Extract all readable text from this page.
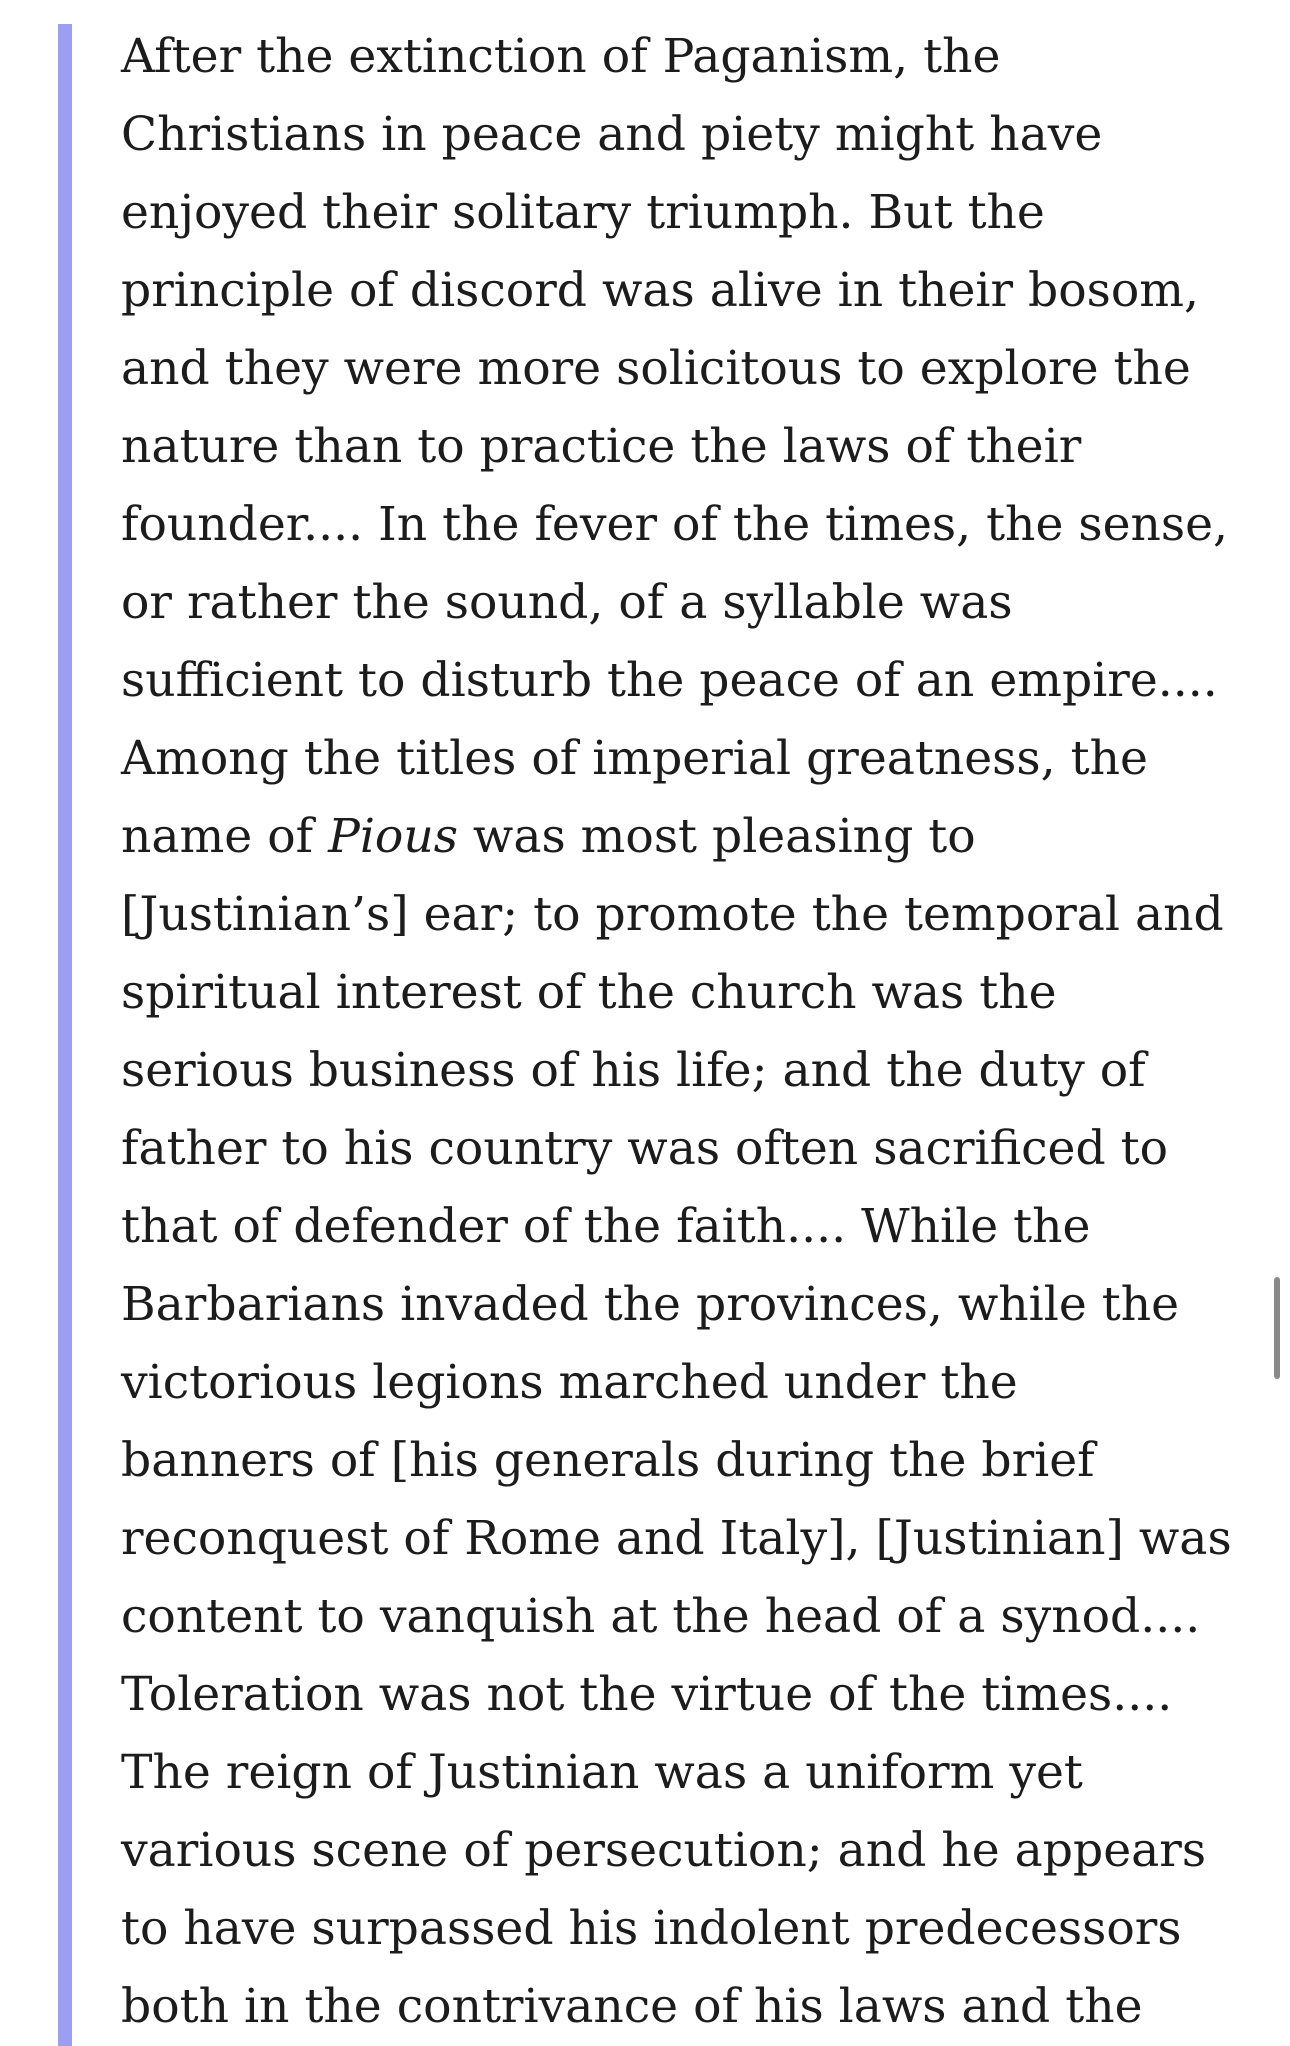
After the extinction of Paganism, the
Christians in peace and piety might have
enjoyed their solitary triumph. But the
principle of discord was alive in their bosom,
and they were more solicitous to explore the
nature than to practice the laws of their
founder.... In the fever of the times, the sense,
or rather the sound, of a syllable was
sufficient to disturb the peace of an empire....
Among the titles of imperial greatness, the
name of Pious was most pleasing to
[Justinian’s] ear; to promote the temporal and
spiritual interest of the church was the
serious business of his life; and the duty of
father to his country was often sacrificed to
that of defender of the faith.... While the
Barbarians invaded the provinces, while the
victorious legions marched under the
banners of [his generals during the brief
reconquest of Rome and Italy], [Justinian] was
content to vanquish at the head of a synod....
Toleration was not the virtue of the times....
The reign of Justinian was a uniform yet
various scene of persecution; and he appears
to have surpassed his indolent predecessors
both in the contrivance of his laws and the
